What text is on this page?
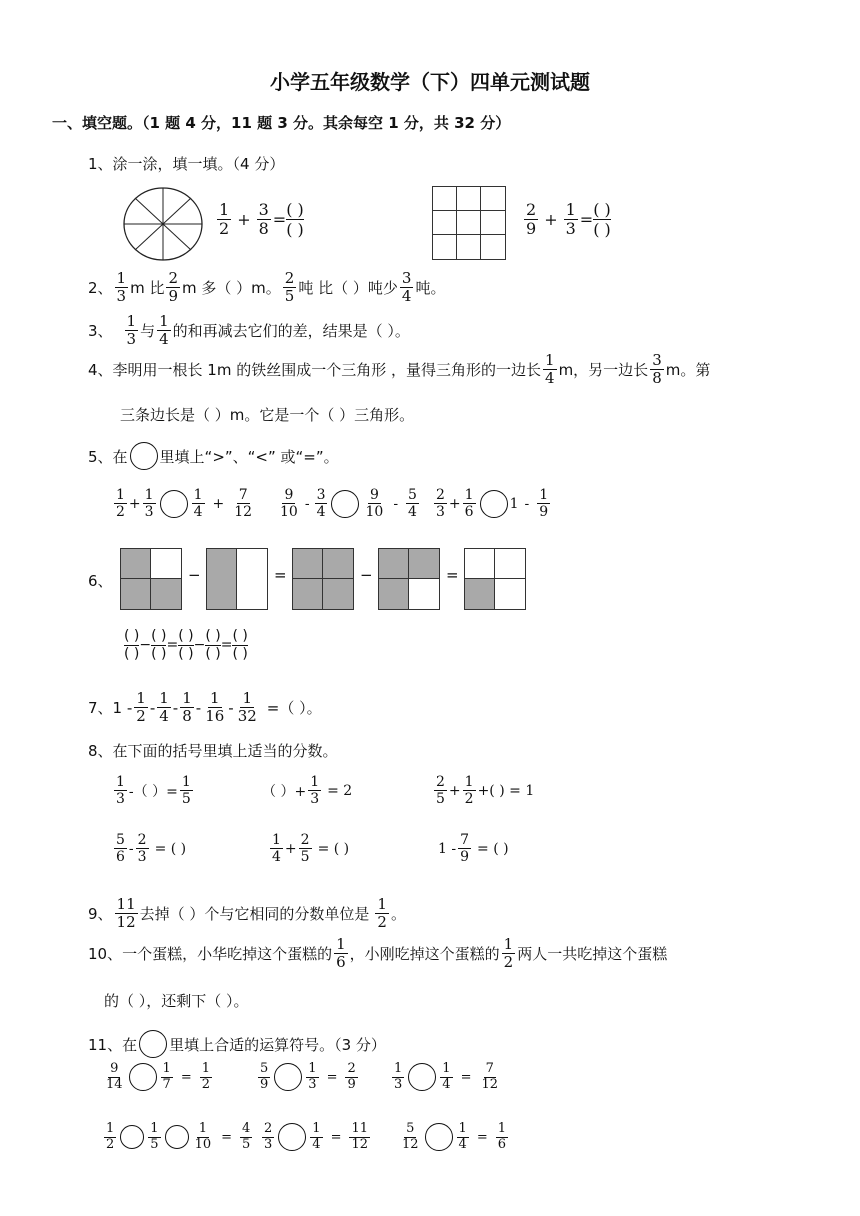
小学五年级数学（下）四单元测试题
一、填空题。（1 题 4 分，11 题 3 分。其余每空 1 分，共 32 分）
1、涂一涂，填一填。（4 分）
$\frac{1}{2} + \frac{3}{8}$ =
( )
( )	$\frac{2}{9} + \frac{1}{3}$ =
( )
( )
2、 $\frac{1}{3}$ m 比 $\frac{2}{9}$ m 多（ ）m。 $\frac{2}{5}$ 吨 比（ ）吨少 $\frac{3}{4}$ 吨。
3、 $\frac{1}{3}$ 与 $\frac{1}{4}$ 的和再减去它们的差，结果是（ ）。
4、李明用一根长 1m 的铁丝围成一个三角形 ，量得三角形的一边长 $\frac{1}{4}$ m，另一边长 $\frac{3}{8}$ m。第
三条边长是（ ）m。它是一个（ ）三角形。
5、在 里填上“>”、“<” 或“=”。
$\frac{1}{2} + \frac{1}{3}$	$\frac{1}{4} + \frac{7}{12} \frac{9}{10} - \frac{3}{4}$	$\frac{9}{10} - \frac{5}{4} \frac{2}{3} + \frac{1}{6} 1 - \frac{1}{9}$
6、	−	=	−	=
( )
( )
−
( )
( )
=
( )
( )
−
( )
( )
=
( )
( )
7、$1 - \frac{1}{2} - \frac{1}{4} - \frac{1}{8} - \frac{1}{16} - \frac{1}{32}$ =（ ）。
8、在下面的括号里填上适当的分数。
$\frac{1}{3}$ -（ ）= $\frac{1}{5}$	（ ）+ $\frac{1}{3} = 2$	$\frac{2}{5} + \frac{1}{2}$ +( ) = 1
$\frac{5}{6} - \frac{2}{3}$ = ( )	$\frac{1}{4} + \frac{2}{5}$ = ( )	$1 - \frac{7}{9}$ = ( )
9、 $\frac{11}{12}$ 去掉（ ）个与它相同的分数单位是 $\frac{1}{2}$ 。
10、一个蛋糕，小华吃掉这个蛋糕的 $\frac{1}{6}$ ，小刚吃掉这个蛋糕的 $\frac{1}{2}$ 两人一共吃掉这个蛋糕
的（ ），还剩下（ ）。
11、在 里填上合适的运算符号。（3 分）
$\frac{9}{14}$	$\frac{1}{7} = \frac{1}{2}$	$\frac{5}{9}$	$\frac{1}{3} = \frac{2}{9}$	$\frac{1}{3}$	$\frac{1}{4} = \frac{7}{12}$
$\frac{1}{2} \frac{1}{5} \frac{1}{10} = \frac{4}{5} \frac{2}{3}$	$\frac{1}{4} = \frac{11}{12} \frac{5}{12}$	$\frac{1}{4} = \frac{1}{6}$
